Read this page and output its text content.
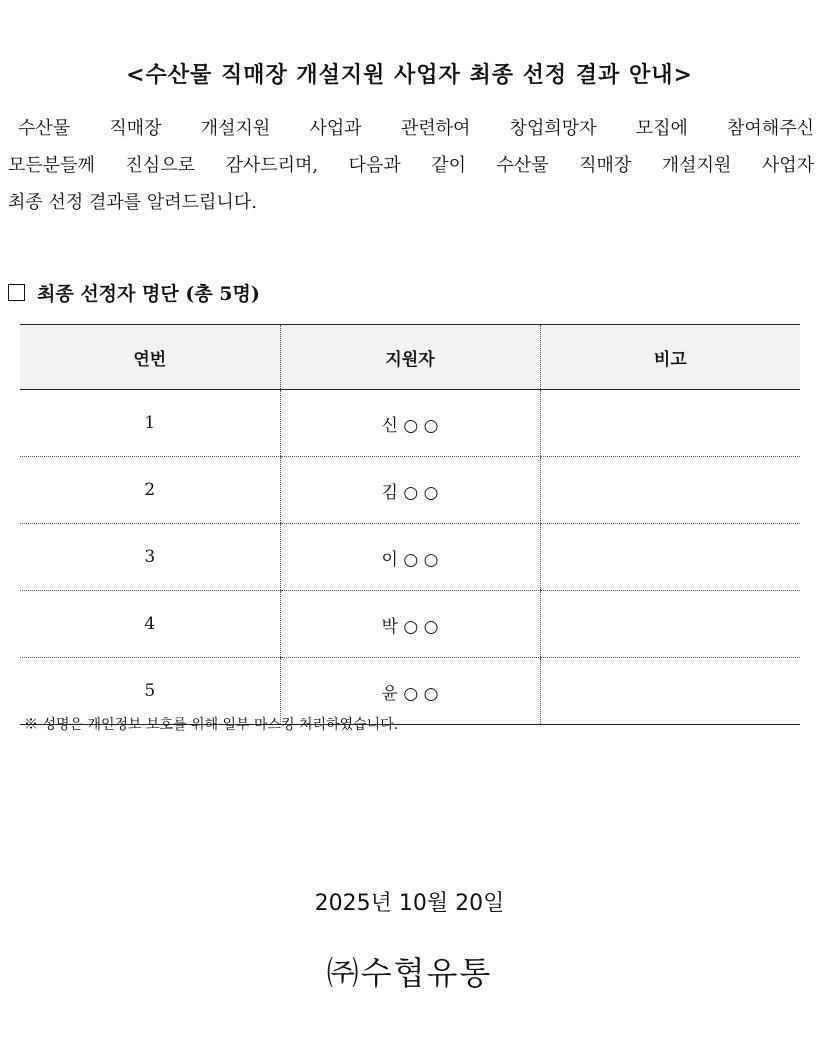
<수산물 직매장 개설지원 사업자 최종 선정 결과 안내>
수산물 직매장 개설지원 사업과 관련하여 창업희망자 모집에 참여해주신
모든분들께 진심으로 감사드리며, 다음과 같이 수산물 직매장 개설지원 사업자
최종 선정 결과를 알려드립니다.
최종 선정자 명단 (총 5명)
연번	지원자	비고
1	신 ○ ○	
2	김 ○ ○	
3	이 ○ ○	
4	박 ○ ○	
5	윤 ○ ○	
※ 성명은 개인정보 보호를 위해 일부 마스킹 처리하였습니다.
2025년 10월 20일
㈜수협유통
